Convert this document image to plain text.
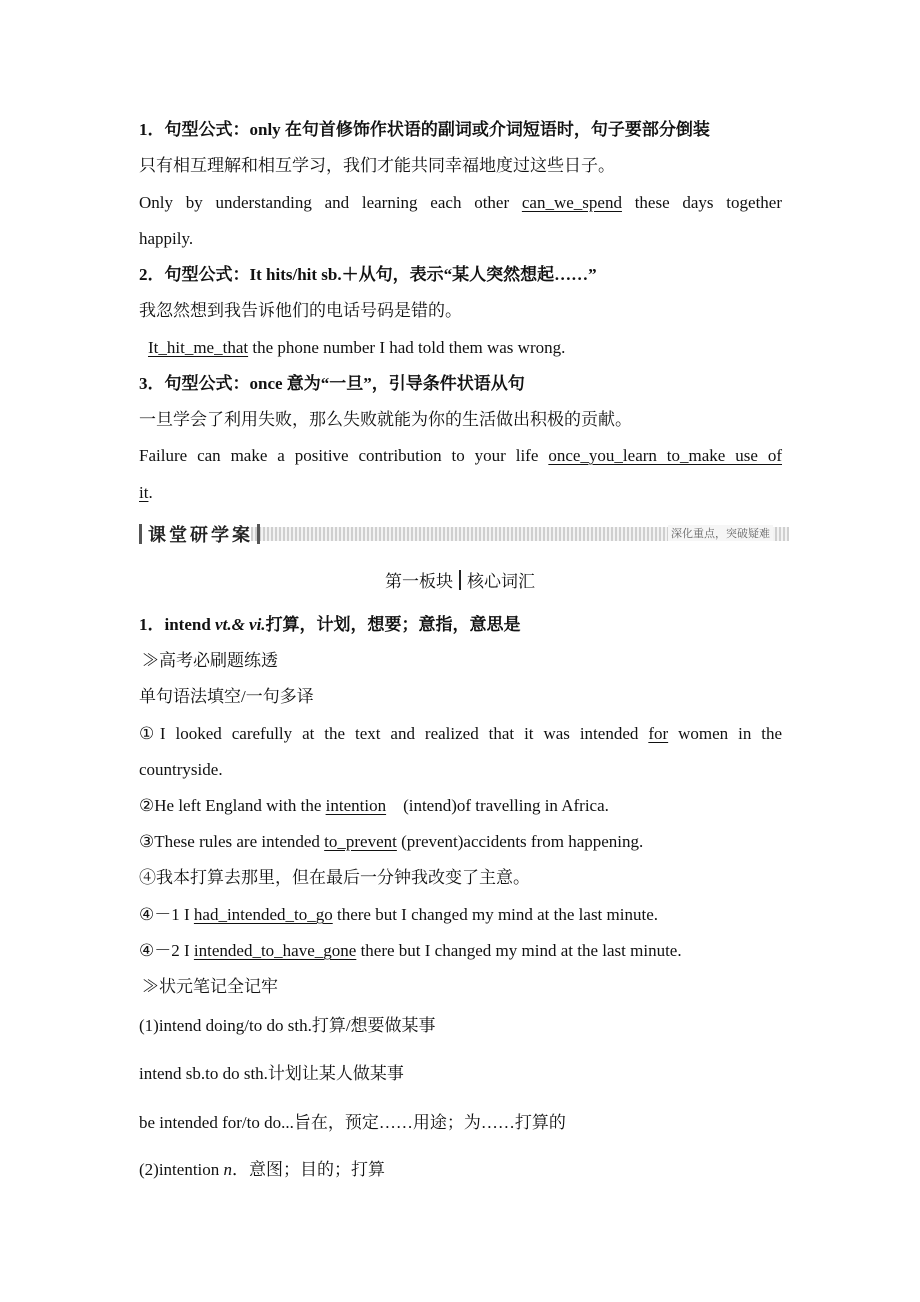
1．句型公式：only 在句首修饰作状语的副词或介词短语时，句子要部分倒装
只有相互理解和相互学习，我们才能共同幸福地度过这些日子。
Only by understanding and learning each other can_we_spend these days together
happily.
2．句型公式：It hits/hit sb.＋从句，表示“某人突然想起……”
我忽然想到我告诉他们的电话号码是错的。
It_hit_me_that the phone number I had told them was wrong.
3．句型公式：once 意为“一旦”，引导条件状语从句
一旦学会了利用失败，那么失败就能为你的生活做出积极的贡献。
Failure can make a positive contribution to your life once_you_learn to_make use of
it.
课堂研学案	深化重点，突破疑难
第一板块 核心词汇
1．intend vt.& vi.打算，计划，想要；意指，意思是
≫高考必刷题练透
单句语法填空/一句多译
①I looked carefully at the text and realized that it was intended for women in the
countryside.
②He left England with the intention (intend)of travelling in Africa.
③These rules are intended to_prevent (prevent)accidents from happening.
④我本打算去那里，但在最后一分钟我改变了主意。
④－1 I had_intended_to_go there but I changed my mind at the last minute.
④－2 I intended_to_have_gone there but I changed my mind at the last minute.
≫状元笔记全记牢
(1)intend doing/to do sth.打算/想要做某事
intend sb.to do sth.计划让某人做某事
be intended for/to do...旨在，预定……用途；为……打算的
(2)intention n．意图；目的；打算
